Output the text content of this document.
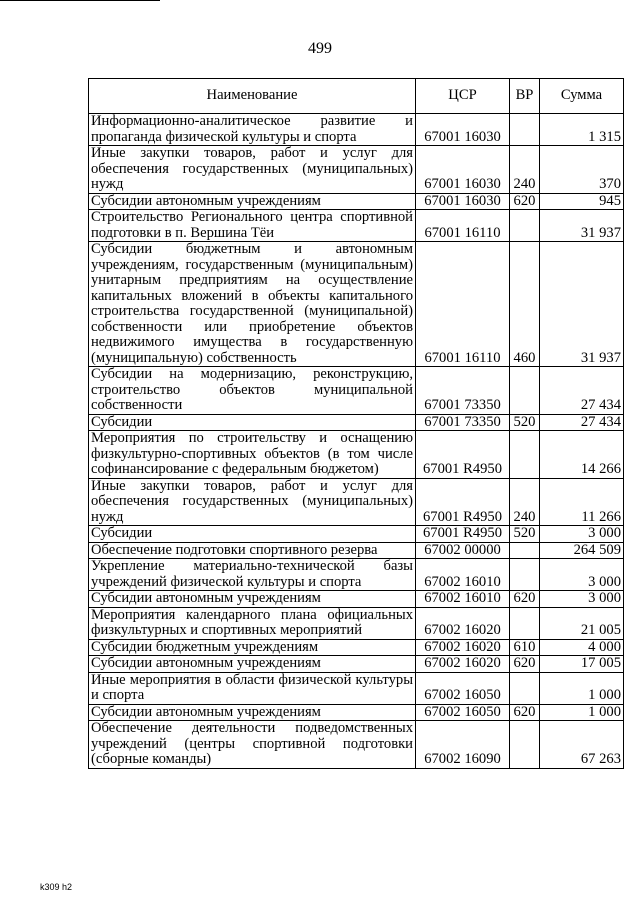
499
Наименование	ЦСР	ВР	Сумма
Информационно-аналитическое развитие и пропаганда физической культуры и спорта	67001 16030		1 315
Иные закупки товаров, работ и услуг для обеспечения государственных (муниципальных) нужд	67001 16030	240	370
Субсидии автономным учреждениям	67001 16030	620	945
Строительство Регионального центра спортивной подготовки в п. Вершина Тёи	67001 16110		31 937
Субсидии бюджетным и автономным учреждениям, государственным (муниципальным) унитарным предприятиям на осуществление капитальных вложений в объекты капитального строительства государственной (муниципальной) собственности или приобретение объектов недвижимого имущества в государственную (муниципальную) собственность	67001 16110	460	31 937
Субсидии на модернизацию, реконструкцию, строительство объектов муниципальной собственности	67001 73350		27 434
Субсидии	67001 73350	520	27 434
Мероприятия по строительству и оснащению физкультурно-спортивных объектов (в том числе софинансирование с федеральным бюджетом)	67001 R4950		14 266
Иные закупки товаров, работ и услуг для обеспечения государственных (муниципальных) нужд	67001 R4950	240	11 266
Субсидии	67001 R4950	520	3 000
Обеспечение подготовки спортивного резерва	67002 00000		264 509
Укрепление материально-технической базы учреждений физической культуры и спорта	67002 16010		3 000
Субсидии автономным учреждениям	67002 16010	620	3 000
Мероприятия календарного плана официальных физкультурных и спортивных мероприятий	67002 16020		21 005
Субсидии бюджетным учреждениям	67002 16020	610	4 000
Субсидии автономным учреждениям	67002 16020	620	17 005
Иные мероприятия в области физической культуры и спорта	67002 16050		1 000
Субсидии автономным учреждениям	67002 16050	620	1 000
Обеспечение деятельности подведомственных учреждений (центры спортивной подготовки (сборные команды)	67002 16090		67 263
k309 h2
